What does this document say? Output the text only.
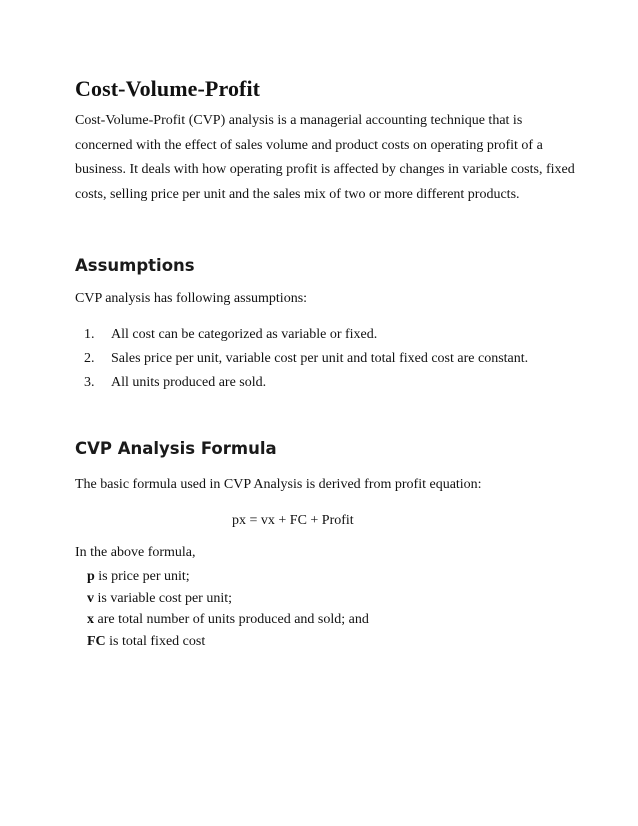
Cost-Volume-Profit

Cost-Volume-Profit (CVP) analysis is a managerial accounting technique that is
concerned with the effect of sales volume and product costs on operating profit of a
business. It deals with how operating profit is affected by changes in variable costs, fixed
costs, selling price per unit and the sales mix of two or more different products.

Assumptions

CVP analysis has following assumptions:

1. All cost can be categorized as variable or fixed.
2. Sales price per unit, variable cost per unit and total fixed cost are constant.
3. All units produced are sold.
CVP Analysis Formula

The basic formula used in CVP Analysis is derived from profit equation:

px = vx + FC + Profit

In the above formula,

p is price per unit;
v is variable cost per unit;
x are total number of units produced and sold; and
FC is total fixed cost
